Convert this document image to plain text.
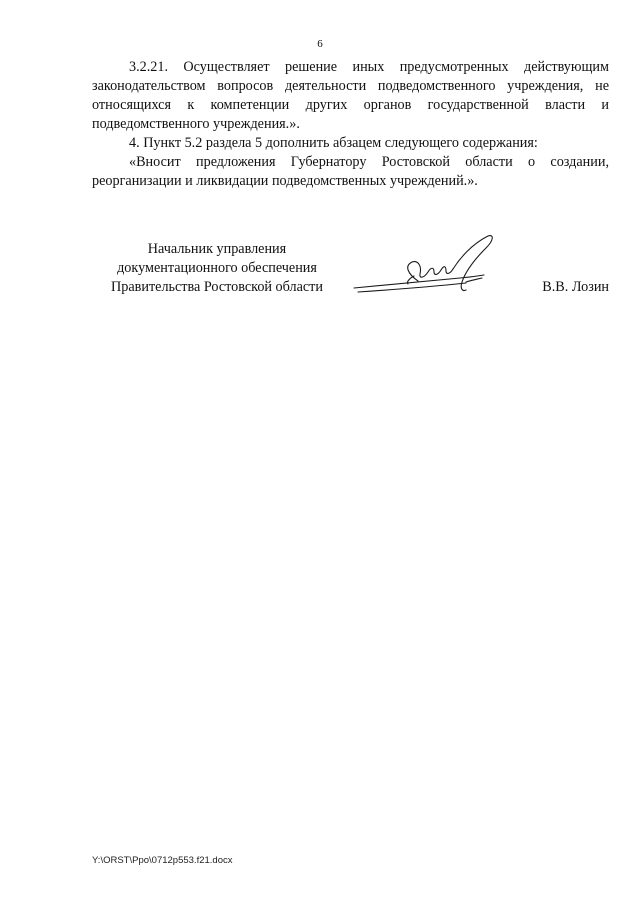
6

3.2.21. Осуществляет решение иных предусмотренных действующим законодательством вопросов деятельности подведомственного учреждения, не относящихся к компетенции других органов государственной власти и подведомственного учреждения.».

4. Пункт 5.2 раздела 5 дополнить абзацем следующего содержания:

«Вносит предложения Губернатору Ростовской области о создании, реорганизации и ликвидации подведомственных учреждений.».

Начальник управления
документационного обеспечения
Правительства Ростовской области	В.В. Лозин
Y:\ORST\Ppo\0712p553.f21.docx
